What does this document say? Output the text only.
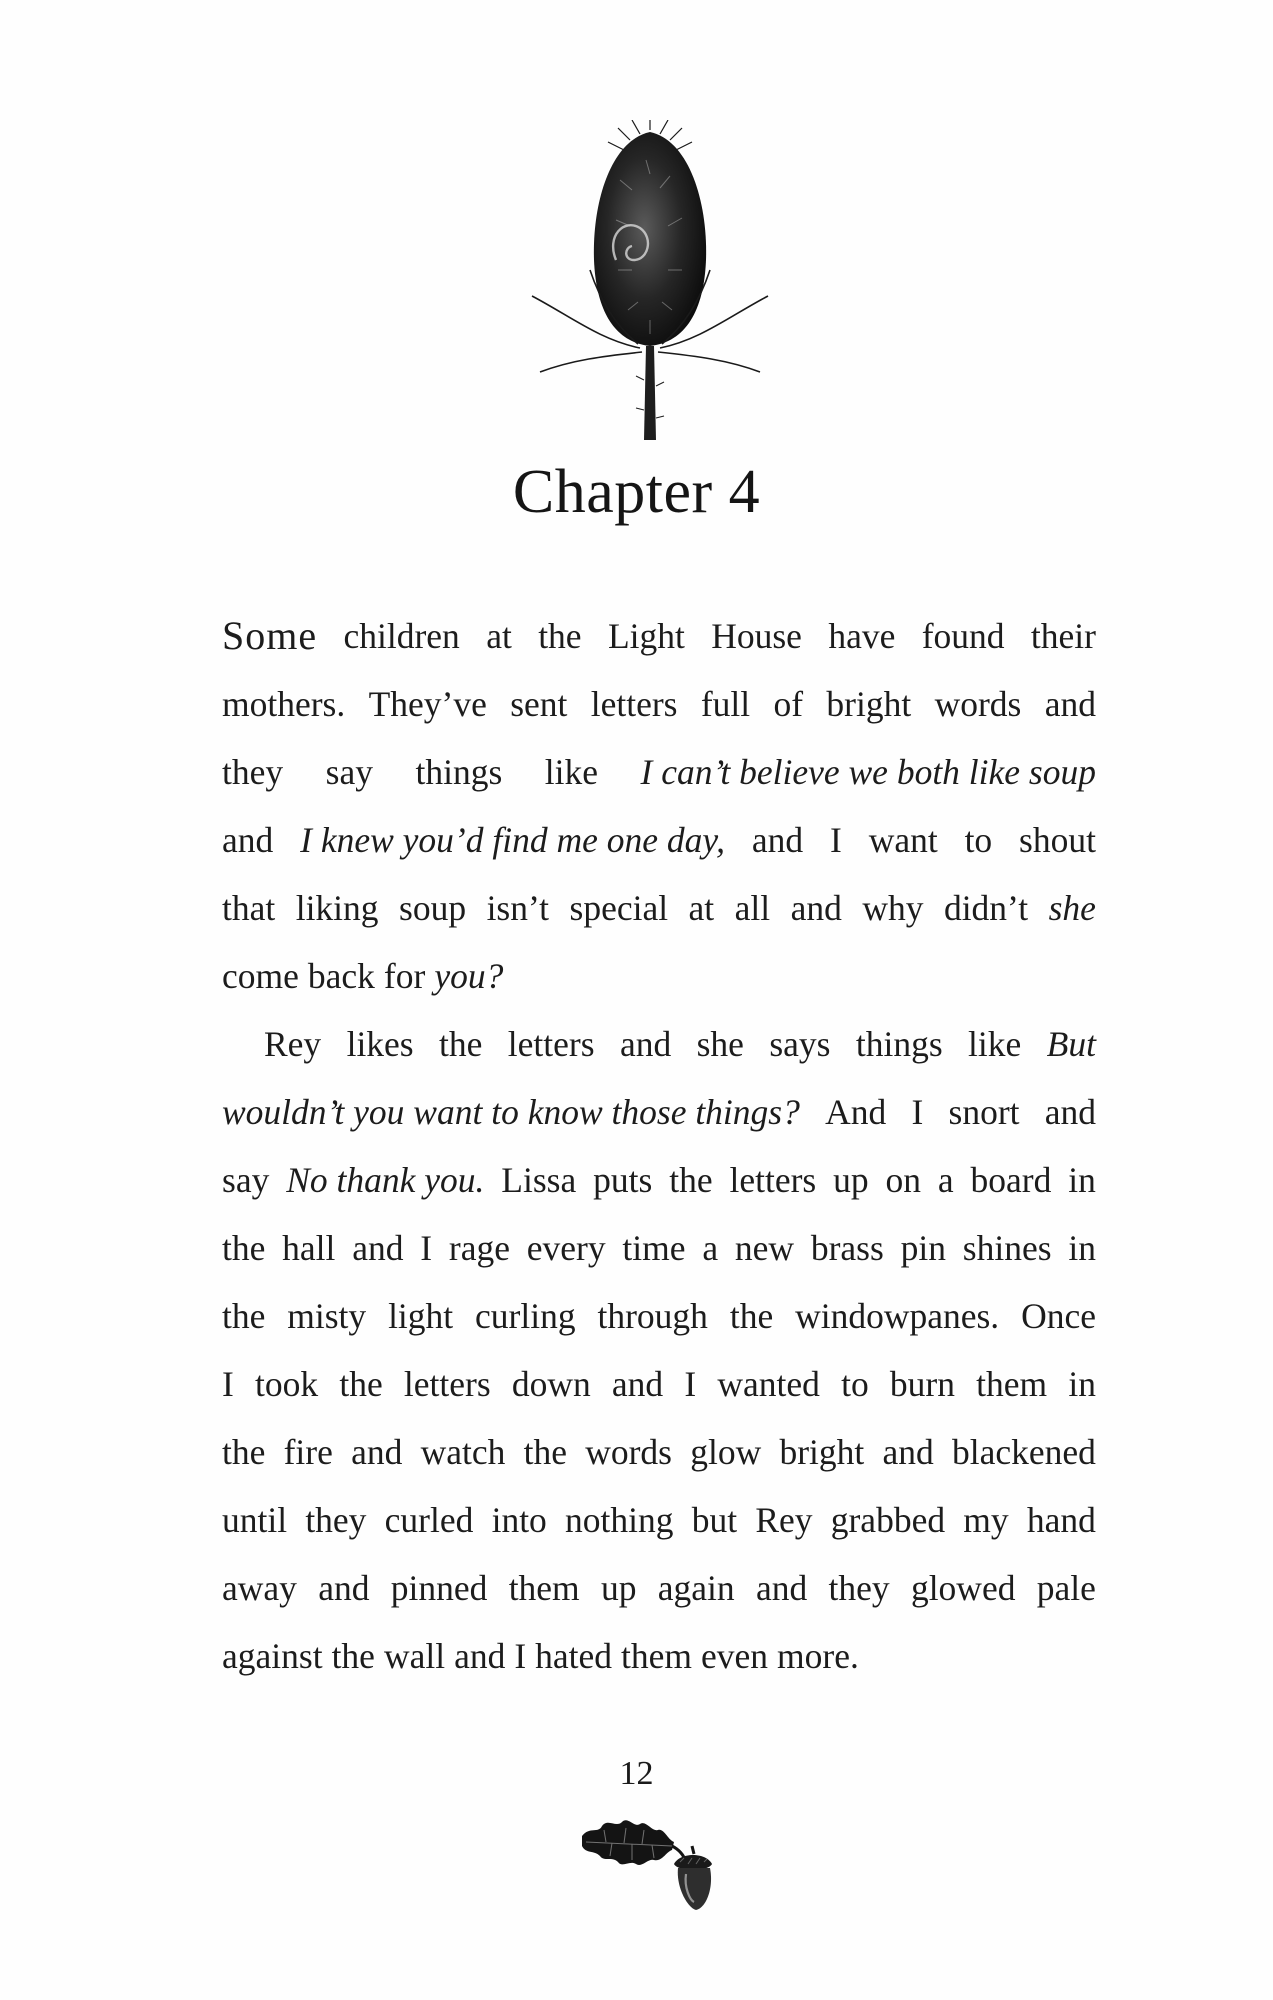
Chapter 4
Some children at the Light House have found their
mothers. They’ve sent letters full of bright words and
they say things like I can’t believe we both like soup
and I knew you’d find me one day, and I want to shout
that liking soup isn’t special at all and why didn’t she
come back for you?
Rey likes the letters and she says things like But
wouldn’t you want to know those things? And I snort and
say No thank you. Lissa puts the letters up on a board in
the hall and I rage every time a new brass pin shines in
the misty light curling through the windowpanes. Once
I took the letters down and I wanted to burn them in
the fire and watch the words glow bright and blackened
until they curled into nothing but Rey grabbed my hand
away and pinned them up again and they glowed pale
against the wall and I hated them even more.
12
